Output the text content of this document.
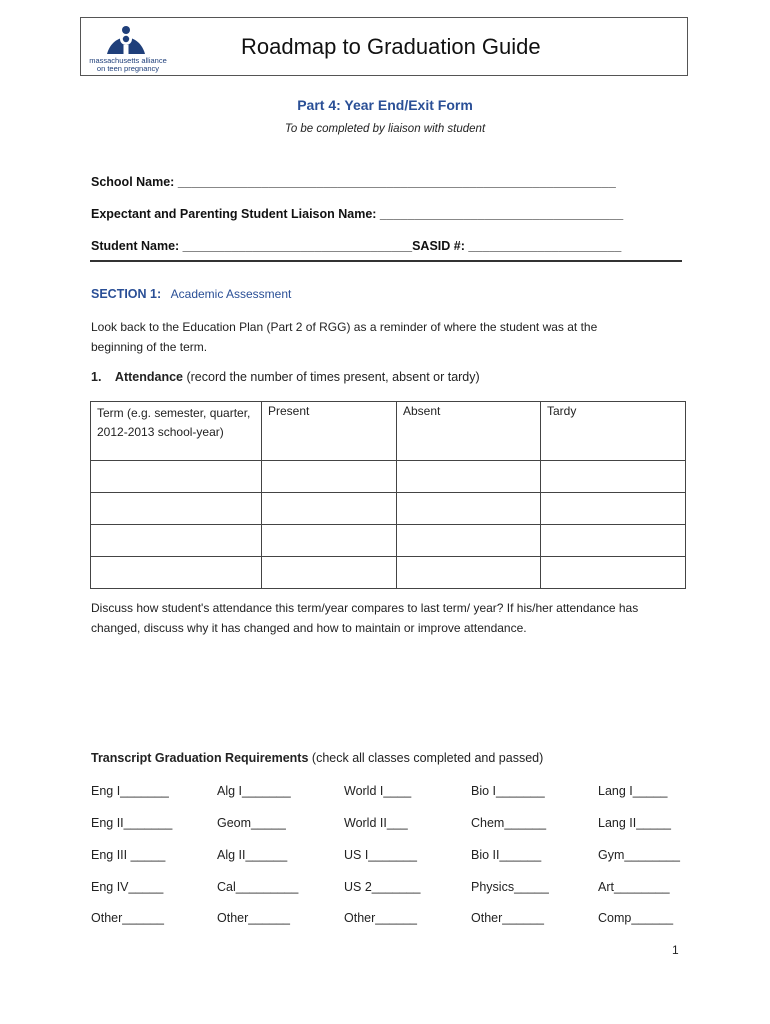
massachusetts alliance on teen pregnancy
Roadmap to Graduation Guide
Part 4: Year End/Exit Form
To be completed by liaison with student
School Name: _______________________________________________________________
Expectant and Parenting Student Liaison Name: ___________________________________
Student Name: _________________________________SASID #: ______________________
SECTION 1: Academic Assessment
Look back to the Education Plan (Part 2 of RGG) as a reminder of where the student was at the beginning of the term.
1. Attendance (record the number of times present, absent or tardy)
Term (e.g. semester, quarter, 2012-2013 school-year)	Present	Absent	Tardy

Discuss how student's attendance this term/year compares to last term/ year? If his/her attendance has changed, discuss why it has changed and how to maintain or improve attendance.
Transcript Graduation Requirements (check all classes completed and passed)
Eng I_______	Alg I_______	World I____	Bio I_______	Lang I_____
Eng II_______	Geom_____	World II___	Chem______	Lang II_____
Eng III _____	Alg II______	US I_______	Bio II______	Gym________
Eng IV_____	Cal_________	US 2_______	Physics_____	Art________
Other______	Other______	Other______	Other______	Comp______
1
